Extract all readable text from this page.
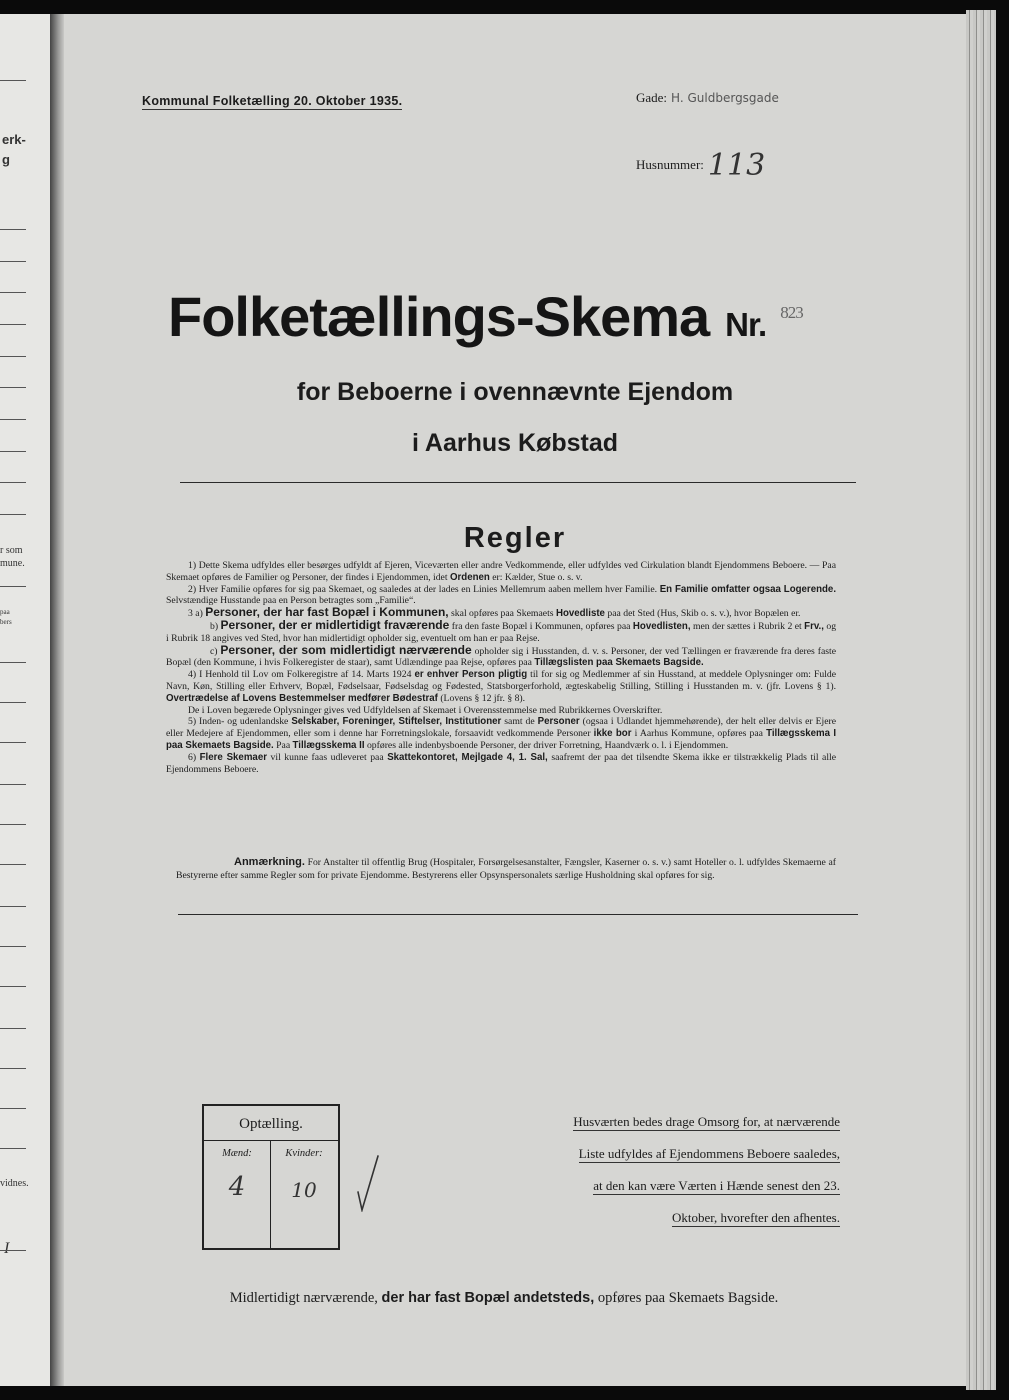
erk-
g
r som
mune.
paa
bers
vidnes.
I
Kommunal Folketælling 20. Oktober 1935.	Gade: H. Guldbergsgade
Husnummer: 113
Folketællings-Skema Nr. $^{823}$
for Beboerne i ovennævnte Ejendom
i Aarhus Købstad
Regler

1) Dette Skema udfyldes eller besørges udfyldt af Ejeren, Viceværten eller andre Vedkommende, eller udfyldes ved Cirkulation blandt Ejendommens Beboere. — Paa Skemaet opføres de Familier og Personer, der findes i Ejendommen, idet Ordenen er: Kælder, Stue o. s. v.

2) Hver Familie opføres for sig paa Skemaet, og saaledes at der lades en Linies Mellemrum aaben mellem hver Familie. En Familie omfatter ogsaa Logerende. Selvstændige Husstande paa en Person betragtes som „Familie“.

3 a) Personer, der har fast Bopæl i Kommunen, skal opføres paa Skemaets Hovedliste paa det Sted (Hus, Skib o. s. v.), hvor Bopælen er.

b) Personer, der er midlertidigt fraværende fra den faste Bopæl i Kommunen, opføres paa Hovedlisten, men der sættes i Rubrik 2 et Frv., og i Rubrik 18 angives ved Sted, hvor han midlertidigt opholder sig, eventuelt om han er paa Rejse.

c) Personer, der som midlertidigt nærværende opholder sig i Husstanden, d. v. s. Personer, der ved Tællingen er fraværende fra deres faste Bopæl (den Kommune, i hvis Folkeregister de staar), samt Udlændinge paa Rejse, opføres paa Tillægslisten paa Skemaets Bagside.

4) I Henhold til Lov om Folkeregistre af 14. Marts 1924 er enhver Person pligtig til for sig og Medlemmer af sin Husstand, at meddele Oplysninger om: Fulde Navn, Køn, Stilling eller Erhverv, Bopæl, Fødselsaar, Fødselsdag og Fødested, Statsborgerforhold, ægteskabelig Stilling, Stilling i Husstanden m. v. (jfr. Lovens § 1). Overtrædelse af Lovens Bestemmelser medfører Bødestraf (Lovens § 12 jfr. § 8).

De i Loven begærede Oplysninger gives ved Udfyldelsen af Skemaet i Overensstemmelse med Rubrikkernes Overskrifter.

5) Inden- og udenlandske Selskaber, Foreninger, Stiftelser, Institutioner samt de Personer (ogsaa i Udlandet hjemmehørende), der helt eller delvis er Ejere eller Medejere af Ejendommen, eller som i denne har Forretningslokale, forsaavidt vedkommende Personer ikke bor i Aarhus Kommune, opføres paa Tillægsskema I paa Skemaets Bagside. Paa Tillægsskema II opføres alle indenbysboende Personer, der driver Forretning, Haandværk o. l. i Ejendommen.

6) Flere Skemaer vil kunne faas udleveret paa Skattekontoret, Mejlgade 4, 1. Sal, saafremt der paa det tilsendte Skema ikke er tilstrækkelig Plads til alle Ejendommens Beboere.

Anmærkning. For Anstalter til offentlig Brug (Hospitaler, Forsørgelsesanstalter, Fængsler, Kaserner o. s. v.) samt Hoteller o. l. udfyldes Skemaerne af Bestyrerne efter samme Regler som for private Ejendomme. Bestyrerens eller Opsynspersonalets særlige Husholdning skal opføres for sig.

Optælling.
Mænd:	Kvinder:
4	10
Husværten bedes drage Omsorg for, at nærværende
Liste udfyldes af Ejendommens Beboere saaledes,
at den kan være Værten i Hænde senest den 23.
Oktober, hvorefter den afhentes.
Midlertidigt nærværende, der har fast Bopæl andetsteds, opføres paa Skemaets Bagside.
